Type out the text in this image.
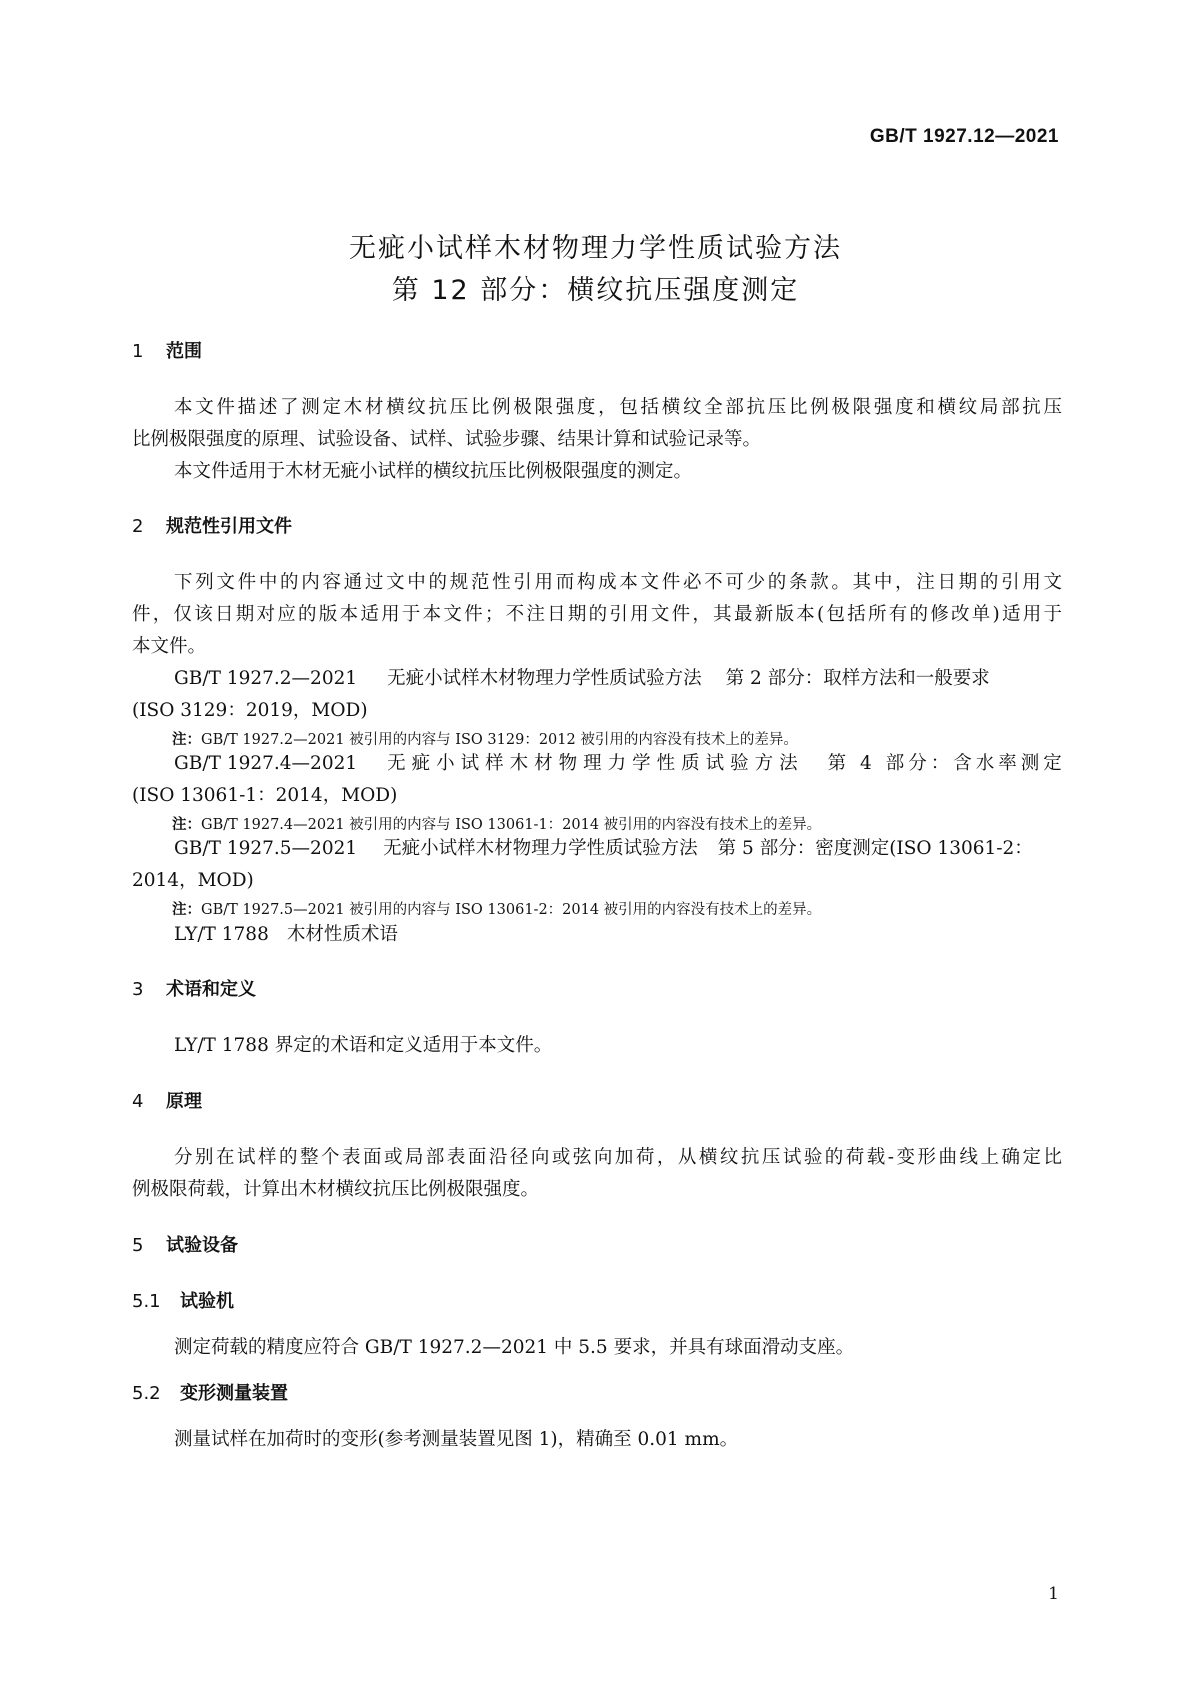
GB/T 1927.12—2021
无疵小试样木材物理力学性质试验方法
第 12 部分：横纹抗压强度测定
1 范围
本文件描述了测定木材横纹抗压比例极限强度，包括横纹全部抗压比例极限强度和横纹局部抗压
比例极限强度的原理、试验设备、试样、试验步骤、结果计算和试验记录等。
本文件适用于木材无疵小试样的横纹抗压比例极限强度的测定。
2 规范性引用文件
下列文件中的内容通过文中的规范性引用而构成本文件必不可少的条款。其中，注日期的引用文
件，仅该日期对应的版本适用于本文件；不注日期的引用文件，其最新版本(包括所有的修改单)适用于
本文件。
GB/T 1927.2—2021 无疵小试样木材物理力学性质试验方法 第 2 部分：取样方法和一般要求
(ISO 3129：2019，MOD)
注：GB/T 1927.2—2021 被引用的内容与 ISO 3129：2012 被引用的内容没有技术上的差异。
GB/T 1927.4—2021 无疵小试样木材物理力学性质试验方法 第 4 部分：含水率测定
(ISO 13061-1：2014，MOD)
注：GB/T 1927.4—2021 被引用的内容与 ISO 13061-1：2014 被引用的内容没有技术上的差异。
GB/T 1927.5—2021 无疵小试样木材物理力学性质试验方法 第 5 部分：密度测定(ISO 13061-2：
2014，MOD)
注：GB/T 1927.5—2021 被引用的内容与 ISO 13061-2：2014 被引用的内容没有技术上的差异。
LY/T 1788 木材性质术语
3 术语和定义
LY/T 1788 界定的术语和定义适用于本文件。
4 原理
分别在试样的整个表面或局部表面沿径向或弦向加荷，从横纹抗压试验的荷载-变形曲线上确定比
例极限荷载，计算出木材横纹抗压比例极限强度。
5 试验设备
5.1 试验机
测定荷载的精度应符合 GB/T 1927.2—2021 中 5.5 要求，并具有球面滑动支座。
5.2 变形测量装置
测量试样在加荷时的变形(参考测量装置见图 1)，精确至 0.01 mm。
1
